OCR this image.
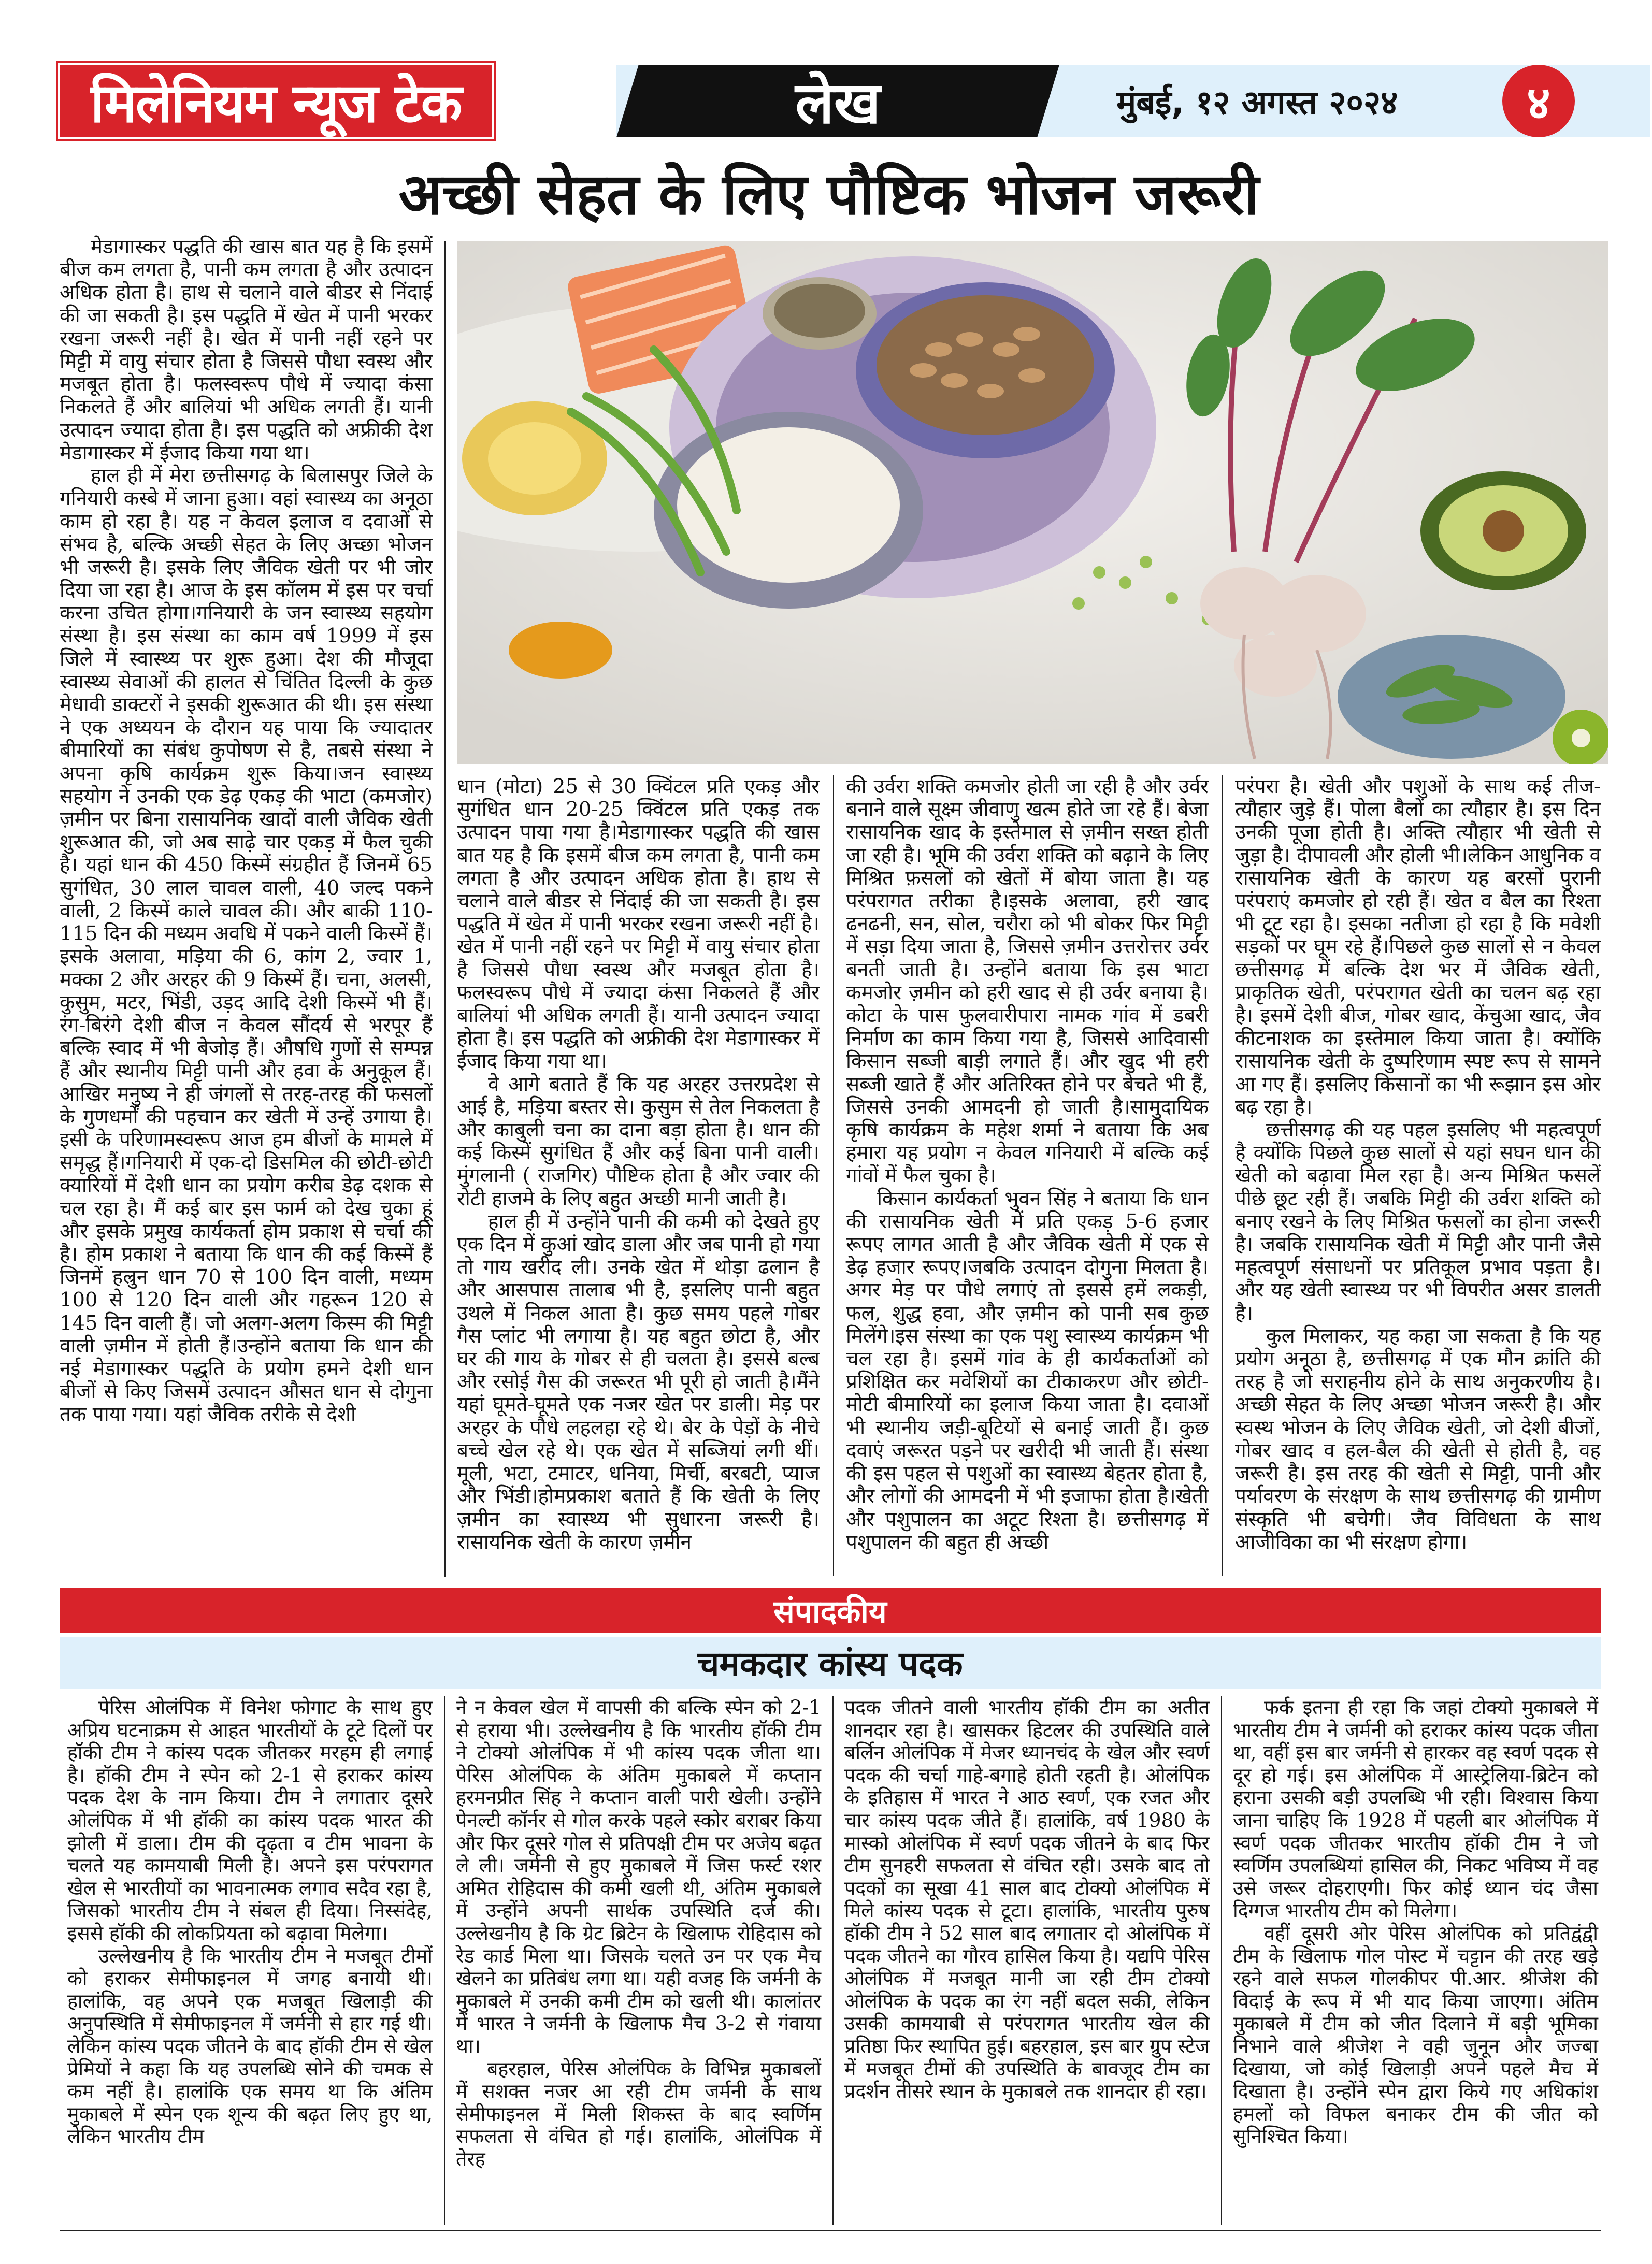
मिलेनियम न्यूज टेक	लेख	मुंबई, १२ अगस्त २०२४	४
अच्छी सेहत के लिए पौष्टिक भोजन जरूरी

मेडागास्कर पद्धति की खास बात यह है कि इसमें बीज कम लगता है, पानी कम लगता है और उत्पादन अधिक होता है। हाथ से चलाने वाले बीडर से निंदाई की जा सकती है। इस पद्धति में खेत में पानी भरकर रखना जरूरी नहीं है। खेत में पानी नहीं रहने पर मिट्टी में वायु संचार होता है जिससे पौधा स्वस्थ और मजबूत होता है। फलस्वरूप पौधे में ज्यादा कंसा निकलते हैं और बालियां भी अधिक लगती हैं। यानी उत्पादन ज्यादा होता है। इस पद्धति को अफ्रीकी देश मेडागास्कर में ईजाद किया गया था।

हाल ही में मेरा छत्तीसगढ़ के बिलासपुर जिले के गनियारी कस्बे में जाना हुआ। वहां स्वास्थ्य का अनूठा काम हो रहा है। यह न केवल इलाज व दवाओं से संभव है, बल्कि अच्छी सेहत के लिए अच्छा भोजन भी जरूरी है। इसके लिए जैविक खेती पर भी जोर दिया जा रहा है। आज के इस कॉलम में इस पर चर्चा करना उचित होगा।गनियारी के जन स्वास्थ्य सहयोग संस्था है। इस संस्था का काम वर्ष 1999 में इस जिले में स्वास्थ्य पर शुरू हुआ। देश की मौजूदा स्वास्थ्य सेवाओं की हालत से चिंतित दिल्ली के कुछ मेधावी डाक्टरों ने इसकी शुरूआत की थी। इस संस्था ने एक अध्ययन के दौरान यह पाया कि ज्यादातर बीमारियों का संबंध कुपोषण से है, तबसे संस्था ने अपना कृषि कार्यक्रम शुरू किया।जन स्वास्थ्य सहयोग ने उनकी एक डेढ़ एकड़ की भाटा (कमजोर) ज़मीन पर बिना रासायनिक खादों वाली जैविक खेती शुरूआत की, जो अब साढ़े चार एकड़ में फैल चुकी है। यहां धान की 450 किस्में संग्रहीत हैं जिनमें 65 सुगंधित, 30 लाल चावल वाली, 40 जल्द पकने वाली, 2 किस्में काले चावल की। और बाकी 110-115 दिन की मध्यम अवधि में पकने वाली किस्में हैं। इसके अलावा, मड़िया की 6, कांग 2, ज्वार 1, मक्का 2 और अरहर की 9 किस्में हैं। चना, अलसी, कुसुम, मटर, भिंडी, उड़द आदि देशी किस्में भी हैं।रंग-बिरंगे देशी बीज न केवल सौंदर्य से भरपूर हैं बल्कि स्वाद में भी बेजोड़ हैं। औषधि गुणों से सम्पन्न हैं और स्थानीय मिट्टी पानी और हवा के अनुकूल हैं। आखिर मनुष्य ने ही जंगलों से तरह-तरह की फसलों के गुणधर्मों की पहचान कर खेती में उन्हें उगाया है। इसी के परिणामस्वरूप आज हम बीजों के मामले में समृद्ध हैं।गनियारी में एक-दो डिसमिल की छोटी-छोटी क्यारियों में देशी धान का प्रयोग करीब डेढ़ दशक से चल रहा है। मैं कई बार इस फार्म को देख चुका हूं और इसके प्रमुख कार्यकर्ता होम प्रकाश से चर्चा की है। होम प्रकाश ने बताया कि धान की कई किस्में हैं जिनमें हल्रुन धान 70 से 100 दिन वाली, मध्यम 100 से 120 दिन वाली और गहरून 120 से 145 दिन वाली हैं। जो अलग-अलग किस्म की मिट्टी वाली ज़मीन में होती हैं।उन्होंने बताया कि धान की नई मेडागास्कर पद्धति के प्रयोग हमने देशी धान बीजों से किए जिसमें उत्पादन औसत धान से दोगुना तक पाया गया। यहां जैविक तरीके से देशी

धान (मोटा) 25 से 30 क्विंटल प्रति एकड़ और सुगंधित धान 20-25 क्विंटल प्रति एकड़ तक उत्पादन पाया गया है।मेडागास्कर पद्धति की खास बात यह है कि इसमें बीज कम लगता है, पानी कम लगता है और उत्पादन अधिक होता है। हाथ से चलाने वाले बीडर से निंदाई की जा सकती है। इस पद्धति में खेत में पानी भरकर रखना जरूरी नहीं है। खेत में पानी नहीं रहने पर मिट्टी में वायु संचार होता है जिससे पौधा स्वस्थ और मजबूत होता है। फलस्वरूप पौधे में ज्यादा कंसा निकलते हैं और बालियां भी अधिक लगती हैं। यानी उत्पादन ज्यादा होता है। इस पद्धति को अफ्रीकी देश मेडागास्कर में ईजाद किया गया था।

वे आगे बताते हैं कि यह अरहर उत्तरप्रदेश से आई है, मड़िया बस्तर से। कुसुम से तेल निकलता है और काबुली चना का दाना बड़ा होता है। धान की कई किस्में सुगंधित हैं और कई बिना पानी वाली। मुंगलानी ( राजगिर) पौष्टिक होता है और ज्वार की रोटी हाजमे के लिए बहुत अच्छी मानी जाती है।

हाल ही में उन्होंने पानी की कमी को देखते हुए एक दिन में कुआं खोद डाला और जब पानी हो गया तो गाय खरीद ली। उनके खेत में थोड़ा ढलान है और आसपास तालाब भी है, इसलिए पानी बहुत उथले में निकल आता है। कुछ समय पहले गोबर गैस प्लांट भी लगाया है। यह बहुत छोटा है, और घर की गाय के गोबर से ही चलता है। इससे बल्ब और रसोई गैस की जरूरत भी पूरी हो जाती है।मैंने यहां घूमते-घूमते एक नजर खेत पर डाली। मेड़ पर अरहर के पौधे लहलहा रहे थे। बेर के पेड़ों के नीचे बच्चे खेल रहे थे। एक खेत में सब्जियां लगी थीं। मूली, भटा, टमाटर, धनिया, मिर्ची, बरबटी, प्याज और भिंडी।होमप्रकाश बताते हैं कि खेती के लिए ज़मीन का स्वास्थ्य भी सुधारना जरूरी है। रासायनिक खेती के कारण ज़मीन

की उर्वरा शक्ति कमजोर होती जा रही है और उर्वर बनाने वाले सूक्ष्म जीवाणु खत्म होते जा रहे हैं। बेजा रासायनिक खाद के इस्तेमाल से ज़मीन सख्त होती जा रही है। भूमि की उर्वरा शक्ति को बढ़ाने के लिए मिश्रित फ़सलों को खेतों में बोया जाता है। यह परंपरागत तरीका है।इसके अलावा, हरी खाद ढनढनी, सन, सोल, चरौरा को भी बोकर फिर मिट्टी में सड़ा दिया जाता है, जिससे ज़मीन उत्तरोत्तर उर्वर बनती जाती है। उन्होंने बताया कि इस भाटा कमजोर ज़मीन को हरी खाद से ही उर्वर बनाया है।कोटा के पास फुलवारीपारा नामक गांव में डबरी निर्माण का काम किया गया है, जिससे आदिवासी किसान सब्जी बाड़ी लगाते हैं। और खुद भी हरी सब्जी खाते हैं और अतिरिक्त होने पर बेचते भी हैं, जिससे उनकी आमदनी हो जाती है।सामुदायिक कृषि कार्यक्रम के महेश शर्मा ने बताया कि अब हमारा यह प्रयोग न केवल गनियारी में बल्कि कई गांवों में फैल चुका है।

किसान कार्यकर्ता भुवन सिंह ने बताया कि धान की रासायनिक खेती में प्रति एकड़ 5-6 हजार रूपए लागत आती है और जैविक खेती में एक से डेढ़ हजार रूपए।जबकि उत्पादन दोगुना मिलता है। अगर मेड़ पर पौधे लगाएं तो इससे हमें लकड़ी, फल, शुद्ध हवा, और ज़मीन को पानी सब कुछ मिलेंगे।इस संस्था का एक पशु स्वास्थ्य कार्यक्रम भी चल रहा है। इसमें गांव के ही कार्यकर्ताओं को प्रशिक्षित कर मवेशियों का टीकाकरण और छोटी-मोटी बीमारियों का इलाज किया जाता है। दवाओं भी स्थानीय जड़ी-बूटियों से बनाई जाती हैं। कुछ दवाएं जरूरत पड़ने पर खरीदी भी जाती हैं। संस्था की इस पहल से पशुओं का स्वास्थ्य बेहतर होता है, और लोगों की आमदनी में भी इजाफा होता है।खेती और पशुपालन का अटूट रिश्ता है। छत्तीसगढ़ में पशुपालन की बहुत ही अच्छी

परंपरा है। खेती और पशुओं के साथ कई तीज-त्यौहार जुड़े हैं। पोला बैलों का त्यौहार है। इस दिन उनकी पूजा होती है। अक्ति त्यौहार भी खेती से जुड़ा है। दीपावली और होली भी।लेकिन आधुनिक व रासायनिक खेती के कारण यह बरसों पुरानी परंपराएं कमजोर हो रही हैं। खेत व बैल का रिश्ता भी टूट रहा है। इसका नतीजा हो रहा है कि मवेशी सड़कों पर घूम रहे हैं।पिछले कुछ सालों से न केवल छत्तीसगढ़ में बल्कि देश भर में जैविक खेती, प्राकृतिक खेती, परंपरागत खेती का चलन बढ़ रहा है। इसमें देशी बीज, गोबर खाद, केंचुआ खाद, जैव कीटनाशक का इस्तेमाल किया जाता है। क्योंकि रासायनिक खेती के दुष्परिणाम स्पष्ट रूप से सामने आ गए हैं। इसलिए किसानों का भी रूझान इस ओर बढ़ रहा है।

छत्तीसगढ़ की यह पहल इसलिए भी महत्वपूर्ण है क्योंकि पिछले कुछ सालों से यहां सघन धान की खेती को बढ़ावा मिल रहा है। अन्य मिश्रित फसलें पीछे छूट रही हैं। जबकि मिट्टी की उर्वरा शक्ति को बनाए रखने के लिए मिश्रित फसलों का होना जरूरी है। जबकि रासायनिक खेती में मिट्टी और पानी जैसे महत्वपूर्ण संसाधनों पर प्रतिकूल प्रभाव पड़ता है। और यह खेती स्वास्थ्य पर भी विपरीत असर डालती है।

कुल मिलाकर, यह कहा जा सकता है कि यह प्रयोग अनूठा है, छत्तीसगढ़ में एक मौन क्रांति की तरह है जो सराहनीय होने के साथ अनुकरणीय है। अच्छी सेहत के लिए अच्छा भोजन जरूरी है। और स्वस्थ भोजन के लिए जैविक खेती, जो देशी बीजों, गोबर खाद व हल-बैल की खेती से होती है, वह जरूरी है। इस तरह की खेती से मिट्टी, पानी और पर्यावरण के संरक्षण के साथ छत्तीसगढ़ की ग्रामीण संस्कृति भी बचेगी। जैव विविधता के साथ आजीविका का भी संरक्षण होगा।

संपादकीय
चमकदार कांस्य पदक

पेरिस ओलंपिक में विनेश फोगाट के साथ हुए अप्रिय घटनाक्रम से आहत भारतीयों के टूटे दिलों पर हॉकी टीम ने कांस्य पदक जीतकर मरहम ही लगाई है। हॉकी टीम ने स्पेन को 2-1 से हराकर कांस्य पदक देश के नाम किया। टीम ने लगातार दूसरे ओलंपिक में भी हॉकी का कांस्य पदक भारत की झोली में डाला। टीम की दृढ़ता व टीम भावना के चलते यह कामयाबी मिली है। अपने इस परंपरागत खेल से भारतीयों का भावनात्मक लगाव सदैव रहा है, जिसको भारतीय टीम ने संबल ही दिया। निस्संदेह, इससे हॉकी की लोकप्रियता को बढ़ावा मिलेगा।

उल्लेखनीय है कि भारतीय टीम ने मजबूत टीमों को हराकर सेमीफाइनल में जगह बनायी थी। हालांकि, वह अपने एक मजबूत खिलाड़ी की अनुपस्थिति में सेमीफाइनल में जर्मनी से हार गई थी। लेकिन कांस्य पदक जीतने के बाद हॉकी टीम से खेल प्रेमियों ने कहा कि यह उपलब्धि सोने की चमक से कम नहीं है। हालांकि एक समय था कि अंतिम मुकाबले में स्पेन एक शून्य की बढ़त लिए हुए था, लेकिन भारतीय टीम

ने न केवल खेल में वापसी की बल्कि स्पेन को 2-1 से हराया भी। उल्लेखनीय है कि भारतीय हॉकी टीम ने टोक्यो ओलंपिक में भी कांस्य पदक जीता था। पेरिस ओलंपिक के अंतिम मुकाबले में कप्तान हरमनप्रीत सिंह ने कप्तान वाली पारी खेली। उन्होंने पेनल्टी कॉर्नर से गोल करके पहले स्कोर बराबर किया और फिर दूसरे गोल से प्रतिपक्षी टीम पर अजेय बढ़त ले ली। जर्मनी से हुए मुकाबले में जिस फर्स्ट रशर अमित रोहिदास की कमी खली थी, अंतिम मुकाबले में उन्होंने अपनी सार्थक उपस्थिति दर्ज की। उल्लेखनीय है कि ग्रेट ब्रिटेन के खिलाफ रोहिदास को रेड कार्ड मिला था। जिसके चलते उन पर एक मैच खेलने का प्रतिबंध लगा था। यही वजह कि जर्मनी के मुकाबले में उनकी कमी टीम को खली थी। कालांतर में भारत ने जर्मनी के खिलाफ मैच 3-2 से गंवाया था।

बहरहाल, पेरिस ओलंपिक के विभिन्न मुकाबलों में सशक्त नजर आ रही टीम जर्मनी के साथ सेमीफाइनल में मिली शिकस्त के बाद स्वर्णिम सफलता से वंचित हो गई। हालांकि, ओलंपिक में तेरह

पदक जीतने वाली भारतीय हॉकी टीम का अतीत शानदार रहा है। खासकर हिटलर की उपस्थिति वाले बर्लिन ओलंपिक में मेजर ध्यानचंद के खेल और स्वर्ण पदक की चर्चा गाहे-बगाहे होती रहती है। ओलंपिक के इतिहास में भारत ने आठ स्वर्ण, एक रजत और चार कांस्य पदक जीते हैं। हालांकि, वर्ष 1980 के मास्को ओलंपिक में स्वर्ण पदक जीतने के बाद फिर टीम सुनहरी सफलता से वंचित रही। उसके बाद तो पदकों का सूखा 41 साल बाद टोक्यो ओलंपिक में मिले कांस्य पदक से टूटा। हालांकि, भारतीय पुरुष हॉकी टीम ने 52 साल बाद लगातार दो ओलंपिक में पदक जीतने का गौरव हासिल किया है। यद्यपि पेरिस ओलंपिक में मजबूत मानी जा रही टीम टोक्यो ओलंपिक के पदक का रंग नहीं बदल सकी, लेकिन उसकी कामयाबी से परंपरागत भारतीय खेल की प्रतिष्ठा फिर स्थापित हुई। बहरहाल, इस बार ग्रुप स्टेज में मजबूत टीमों की उपस्थिति के बावजूद टीम का प्रदर्शन तीसरे स्थान के मुकाबले तक शानदार ही रहा।

फर्क इतना ही रहा कि जहां टोक्यो मुकाबले में भारतीय टीम ने जर्मनी को हराकर कांस्य पदक जीता था, वहीं इस बार जर्मनी से हारकर वह स्वर्ण पदक से दूर हो गई। इस ओलंपिक में आस्ट्रेलिया-ब्रिटेन को हराना उसकी बड़ी उपलब्धि भी रही। विश्वास किया जाना चाहिए कि 1928 में पहली बार ओलंपिक में स्वर्ण पदक जीतकर भारतीय हॉकी टीम ने जो स्वर्णिम उपलब्धियां हासिल की, निकट भविष्य में वह उसे जरूर दोहराएगी। फिर कोई ध्यान चंद जैसा दिग्गज भारतीय टीम को मिलेगा।

वहीं दूसरी ओर पेरिस ओलंपिक को प्रतिद्वंद्वी टीम के खिलाफ गोल पोस्ट में चट्टान की तरह खड़े रहने वाले सफल गोलकीपर पी.आर. श्रीजेश की विदाई के रूप में भी याद किया जाएगा। अंतिम मुकाबले में टीम को जीत दिलाने में बड़ी भूमिका निभाने वाले श्रीजेश ने वही जुनून और जज्बा दिखाया, जो कोई खिलाड़ी अपने पहले मैच में दिखाता है। उन्होंने स्पेन द्वारा किये गए अधिकांश हमलों को विफल बनाकर टीम की जीत को सुनिश्चित किया।
